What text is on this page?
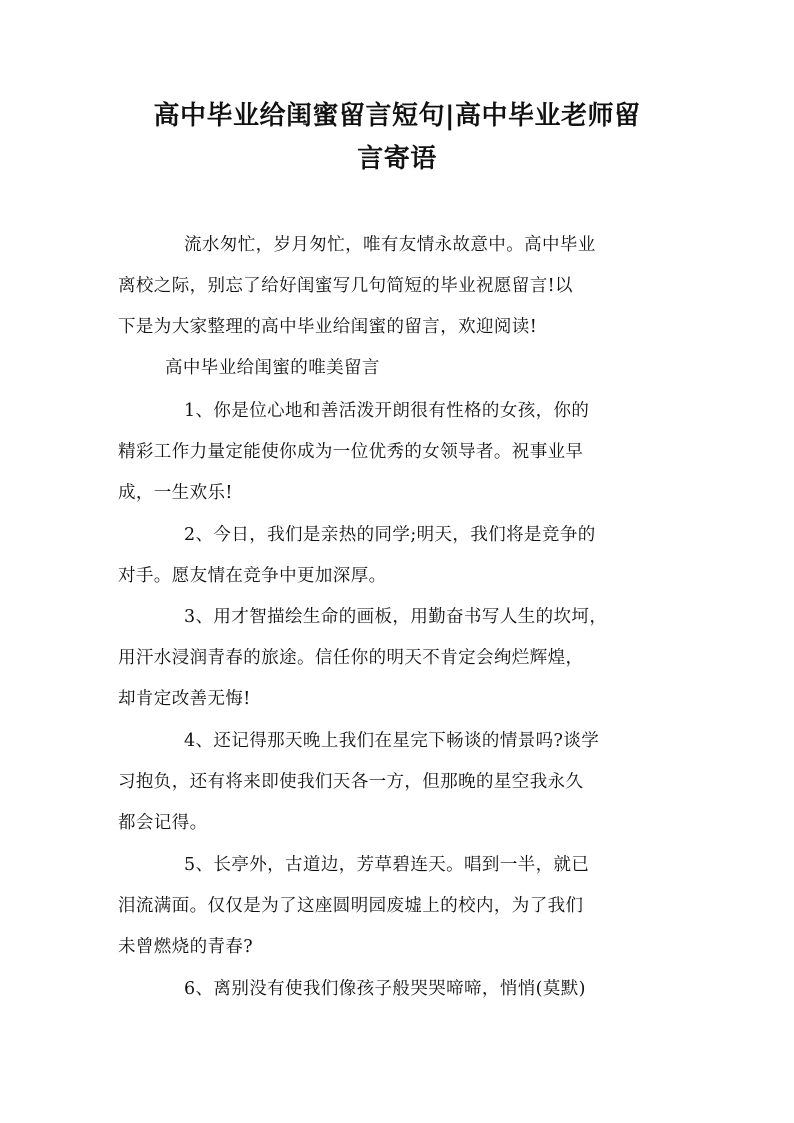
高中毕业给闺蜜留言短句|高中毕业老师留
言寄语

流水匆忙，岁月匆忙，唯有友情永故意中。高中毕业

离校之际，别忘了给好闺蜜写几句简短的毕业祝愿留言!以

下是为大家整理的高中毕业给闺蜜的留言，欢迎阅读!

高中毕业给闺蜜的唯美留言

1、你是位心地和善活泼开朗很有性格的女孩，你的

精彩工作力量定能使你成为一位优秀的女领导者。祝事业早

成，一生欢乐!

2、今日，我们是亲热的同学;明天，我们将是竞争的

对手。愿友情在竞争中更加深厚。

3、用才智描绘生命的画板，用勤奋书写人生的坎坷，

用汗水浸润青春的旅途。信任你的明天不肯定会绚烂辉煌，

却肯定改善无悔!

4、还记得那天晚上我们在星完下畅谈的情景吗?谈学

习抱负，还有将来即使我们天各一方，但那晚的星空我永久

都会记得。

5、长亭外，古道边，芳草碧连天。唱到一半，就已

泪流满面。仅仅是为了这座圆明园废墟上的校内，为了我们

未曾燃烧的青春?

6、离别没有使我们像孩子般哭哭啼啼，悄悄(莫默)
